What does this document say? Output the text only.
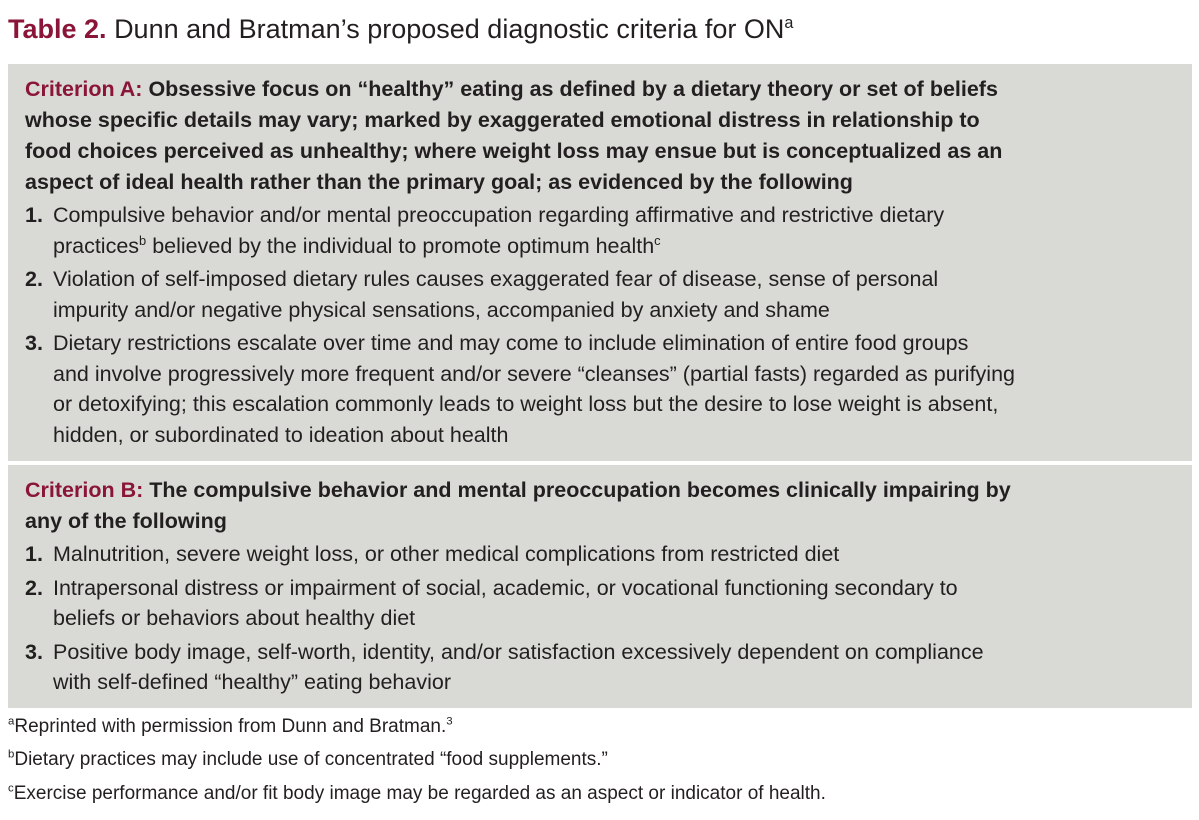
Table 2. Dunn and Bratman’s proposed diagnostic criteria for $ON^a$
Criterion A: Obsessive focus on “healthy” eating as defined by a dietary theory or set of beliefs
whose specific details may vary; marked by exaggerated emotional distress in relationship to
food choices perceived as unhealthy; where weight loss may ensue but is conceptualized as an
aspect of ideal health rather than the primary goal; as evidenced by the following
1. Compulsive behavior and/or mental preoccupation regarding affirmative and restrictive dietary
practices$^b$ believed by the individual to promote optimum health$^c$
2. Violation of self-imposed dietary rules causes exaggerated fear of disease, sense of personal
impurity and/or negative physical sensations, accompanied by anxiety and shame
3. Dietary restrictions escalate over time and may come to include elimination of entire food groups
and involve progressively more frequent and/or severe “cleanses” (partial fasts) regarded as purifying
or detoxifying; this escalation commonly leads to weight loss but the desire to lose weight is absent,
hidden, or subordinated to ideation about health
Criterion B: The compulsive behavior and mental preoccupation becomes clinically impairing by
any of the following
1. Malnutrition, severe weight loss, or other medical complications from restricted diet
2. Intrapersonal distress or impairment of social, academic, or vocational functioning secondary to
beliefs or behaviors about healthy diet
3. Positive body image, self-worth, identity, and/or satisfaction excessively dependent on compliance
with self-defined “healthy” eating behavior
$^a$Reprinted with permission from Dunn and Bratman.$^3$
$^b$Dietary practices may include use of concentrated “food supplements.”
$^c$Exercise performance and/or fit body image may be regarded as an aspect or indicator of health.
